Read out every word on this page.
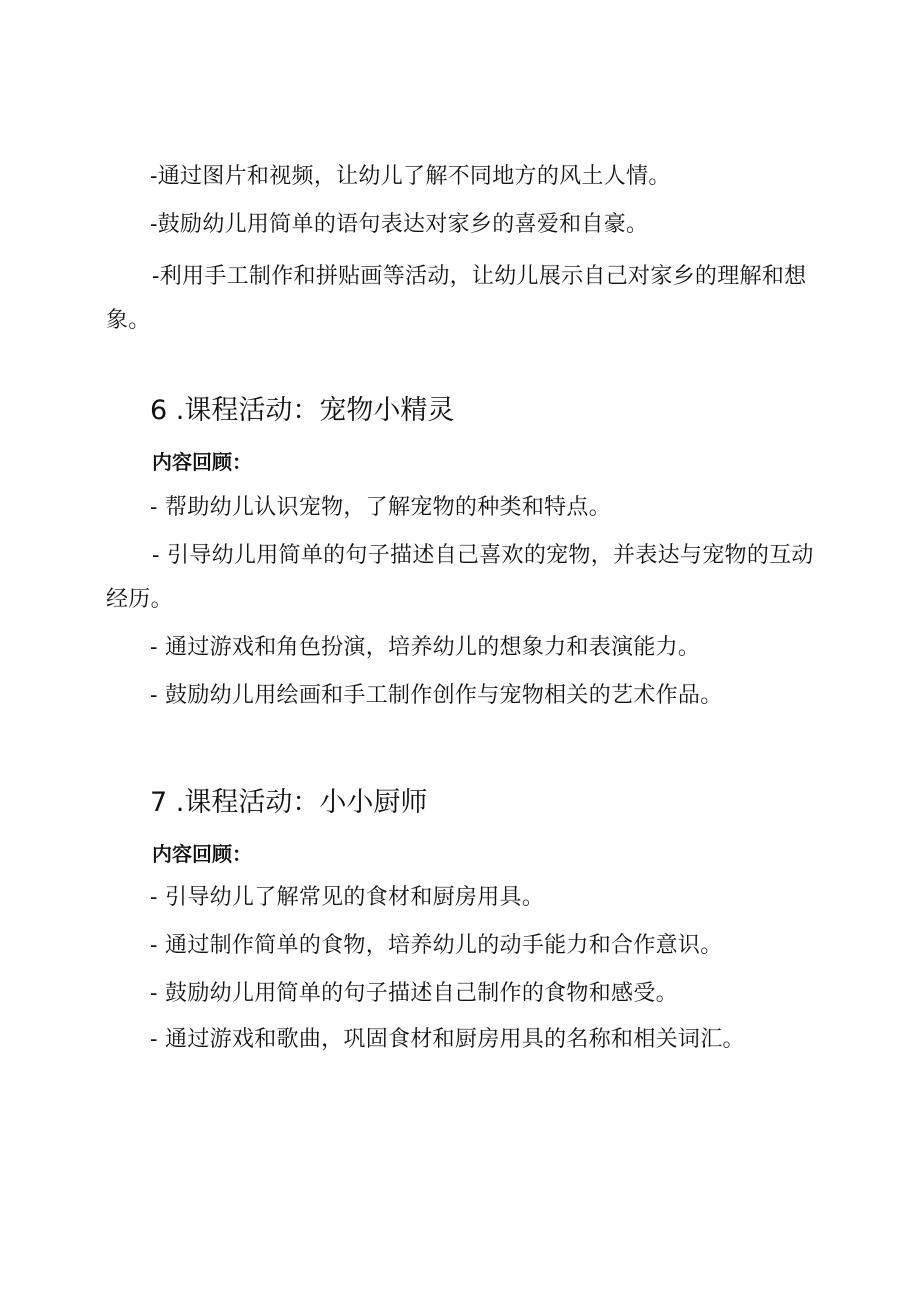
-通过图片和视频，让幼儿了解不同地方的风土人情。

-鼓励幼儿用简单的语句表达对家乡的喜爱和自豪。

-利用手工制作和拼贴画等活动，让幼儿展示自己对家乡的理解和想象。

6 .课程活动：宠物小精灵

内容回顾：

- 帮助幼儿认识宠物，了解宠物的种类和特点。

- 引导幼儿用简单的句子描述自己喜欢的宠物，并表达与宠物的互动经历。

- 通过游戏和角色扮演，培养幼儿的想象力和表演能力。

- 鼓励幼儿用绘画和手工制作创作与宠物相关的艺术作品。

7 .课程活动：小小厨师

内容回顾：

- 引导幼儿了解常见的食材和厨房用具。

- 通过制作简单的食物，培养幼儿的动手能力和合作意识。

- 鼓励幼儿用简单的句子描述自己制作的食物和感受。

- 通过游戏和歌曲，巩固食材和厨房用具的名称和相关词汇。
